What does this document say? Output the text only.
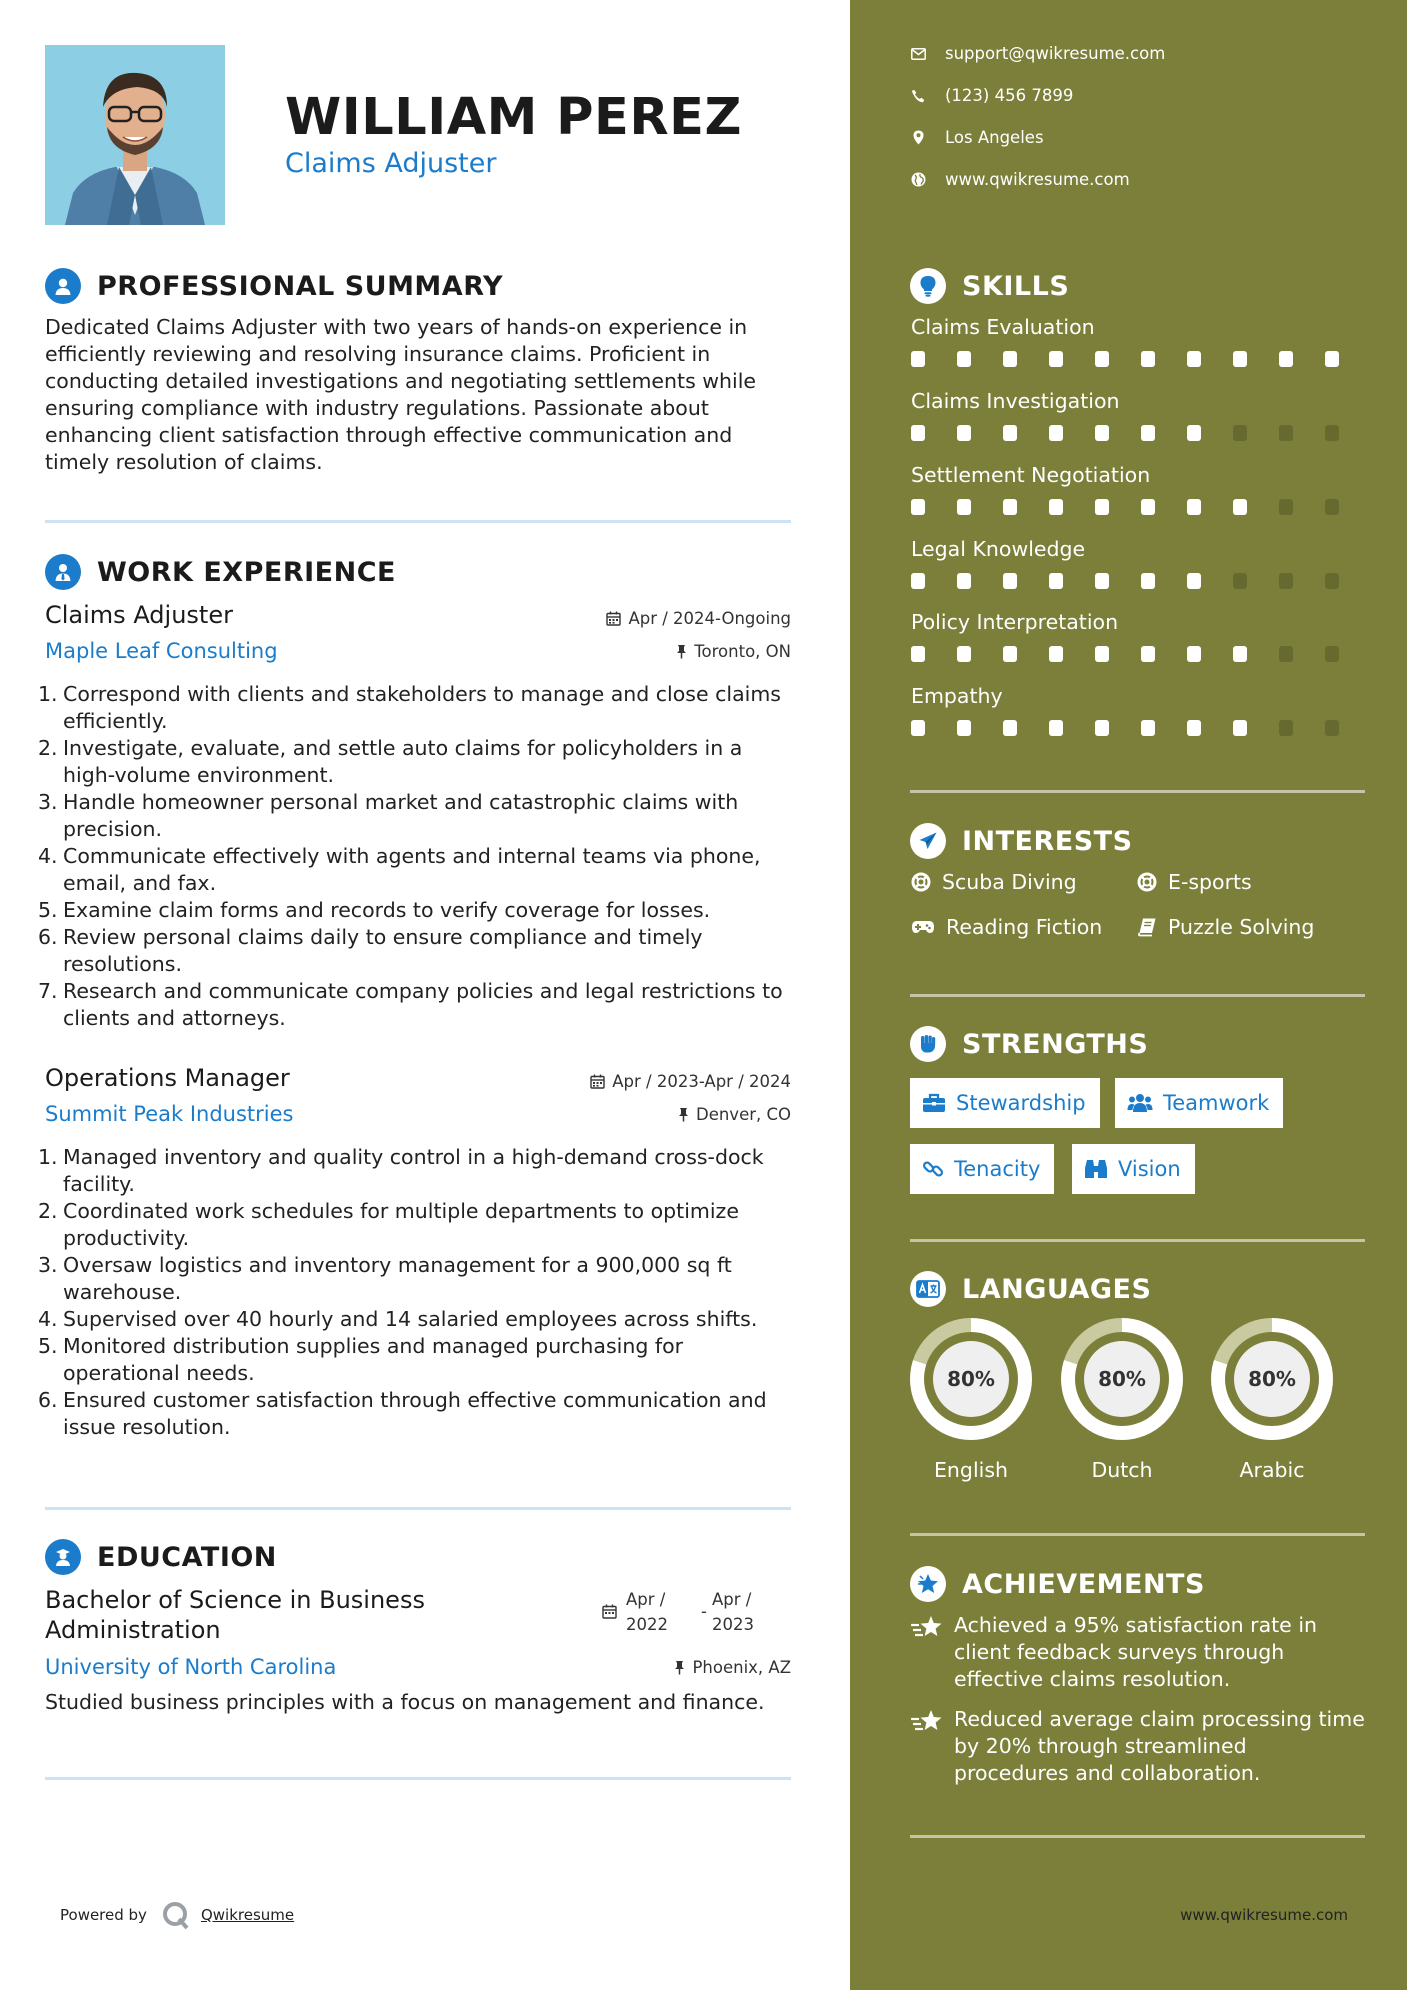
WILLIAM PEREZ
Claims Adjuster
PROFESSIONAL SUMMARY

Dedicated Claims Adjuster with two years of hands-on experience in efficiently reviewing and resolving insurance claims. Proficient in conducting detailed investigations and negotiating settlements while ensuring compliance with industry regulations. Passionate about enhancing client satisfaction through effective communication and timely resolution of claims.

WORK EXPERIENCE
Claims Adjuster
Maple Leaf Consulting
Apr / 2024-Ongoing
Toronto, ON
1. Correspond with clients and stakeholders to manage and close claims efficiently.
2. Investigate, evaluate, and settle auto claims for policyholders in a high-volume environment.
3. Handle homeowner personal market and catastrophic claims with precision.
4. Communicate effectively with agents and internal teams via phone, email, and fax.
5. Examine claim forms and records to verify coverage for losses.
6. Review personal claims daily to ensure compliance and timely resolutions.
7. Research and communicate company policies and legal restrictions to clients and attorneys.
Operations Manager
Summit Peak Industries
Apr / 2023-Apr / 2024
Denver, CO
1. Managed inventory and quality control in a high-demand cross-dock facility.
2. Coordinated work schedules for multiple departments to optimize productivity.
3. Oversaw logistics and inventory management for a 900,000 sq ft warehouse.
4. Supervised over 40 hourly and 14 salaried employees across shifts.
5. Monitored distribution supplies and managed purchasing for operational needs.
6. Ensured customer satisfaction through effective communication and issue resolution.
EDUCATION
Bachelor of Science in Business Administration
Apr /
2022
-
Apr /
2023
University of North Carolina	Phoenix, AZ
Studied business principles with a focus on management and finance.
Powered by	Qwikresume
support@qwikresume.com
(123) 456 7899
Los Angeles
www.qwikresume.com
SKILLS
Claims Evaluation
Claims Investigation
Settlement Negotiation
Legal Knowledge
Policy Interpretation
Empathy
INTERESTS
Scuba Diving	E-sports
Reading Fiction	Puzzle Solving
STRENGTHS
Stewardship	Teamwork
Tenacity	Vision
LANGUAGES
80%
English
80%
Dutch
80%
Arabic
ACHIEVEMENTS
Achieved a 95% satisfaction rate in client feedback surveys through effective claims resolution.
Reduced average claim processing time by 20% through streamlined procedures and collaboration.
www.qwikresume.com
